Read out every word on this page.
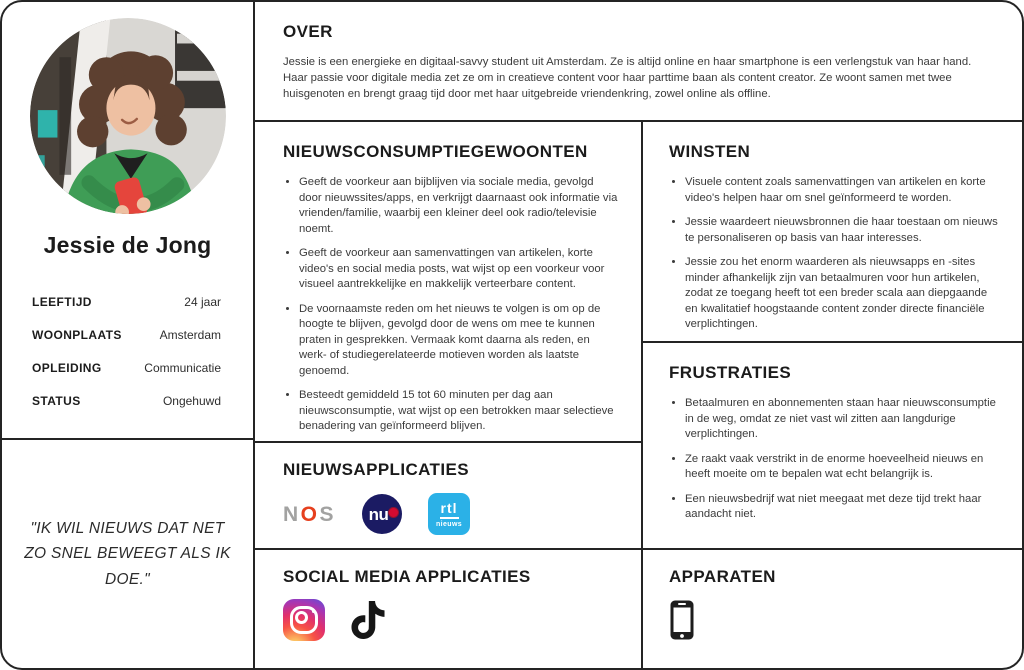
Jessie de Jong
LEEFTIJD	24 jaar
WOONPLAATS	Amsterdam
OPLEIDING	Communicatie
STATUS	Ongehuwd
"IK WIL NIEUWS DAT NET ZO SNEL BEWEEGT ALS IK DOE."
OVER

Jessie is een energieke en digitaal-savvy student uit Amsterdam. Ze is altijd online en haar smartphone is een verlengstuk van haar hand. Haar passie voor digitale media zet ze om in creatieve content voor haar parttime baan als content creator. Ze woont samen met twee huisgenoten en brengt graag tijd door met haar uitgebreide vriendenkring, zowel online als offline.

NIEUWSCONSUMPTIEGEWOONTEN
• Geeft de voorkeur aan bijblijven via sociale media, gevolgd door nieuwssites/apps, en verkrijgt daarnaast ook informatie via vrienden/familie, waarbij een kleiner deel ook radio/televisie noemt.
• Geeft de voorkeur aan samenvattingen van artikelen, korte video's en social media posts, wat wijst op een voorkeur voor visueel aantrekkelijke en makkelijk verteerbare content.
• De voornaamste reden om het nieuws te volgen is om op de hoogte te blijven, gevolgd door de wens om mee te kunnen praten in gesprekken. Vermaak komt daarna als reden, en werk- of studiegerelateerde motieven worden als laatste genoemd.
• Besteedt gemiddeld 15 tot 60 minuten per dag aan nieuwsconsumptie, wat wijst op een betrokken maar selectieve benadering van geïnformeerd blijven.
NIEUWSAPPLICATIES
NOS nu	rtl
nieuws
SOCIAL MEDIA APPLICATIES
WINSTEN
• Visuele content zoals samenvattingen van artikelen en korte video's helpen haar om snel geïnformeerd te worden.
• Jessie waardeert nieuwsbronnen die haar toestaan om nieuws te personaliseren op basis van haar interesses.
• Jessie zou het enorm waarderen als nieuwsapps en -sites minder afhankelijk zijn van betaalmuren voor hun artikelen, zodat ze toegang heeft tot een breder scala aan diepgaande en kwalitatief hoogstaande content zonder directe financiële verplichtingen.
FRUSTRATIES
• Betaalmuren en abonnementen staan haar nieuwsconsumptie in de weg, omdat ze niet vast wil zitten aan langdurige verplichtingen.
• Ze raakt vaak verstrikt in de enorme hoeveelheid nieuws en heeft moeite om te bepalen wat echt belangrijk is.
• Een nieuwsbedrijf wat niet meegaat met deze tijd trekt haar aandacht niet.
APPARATEN
